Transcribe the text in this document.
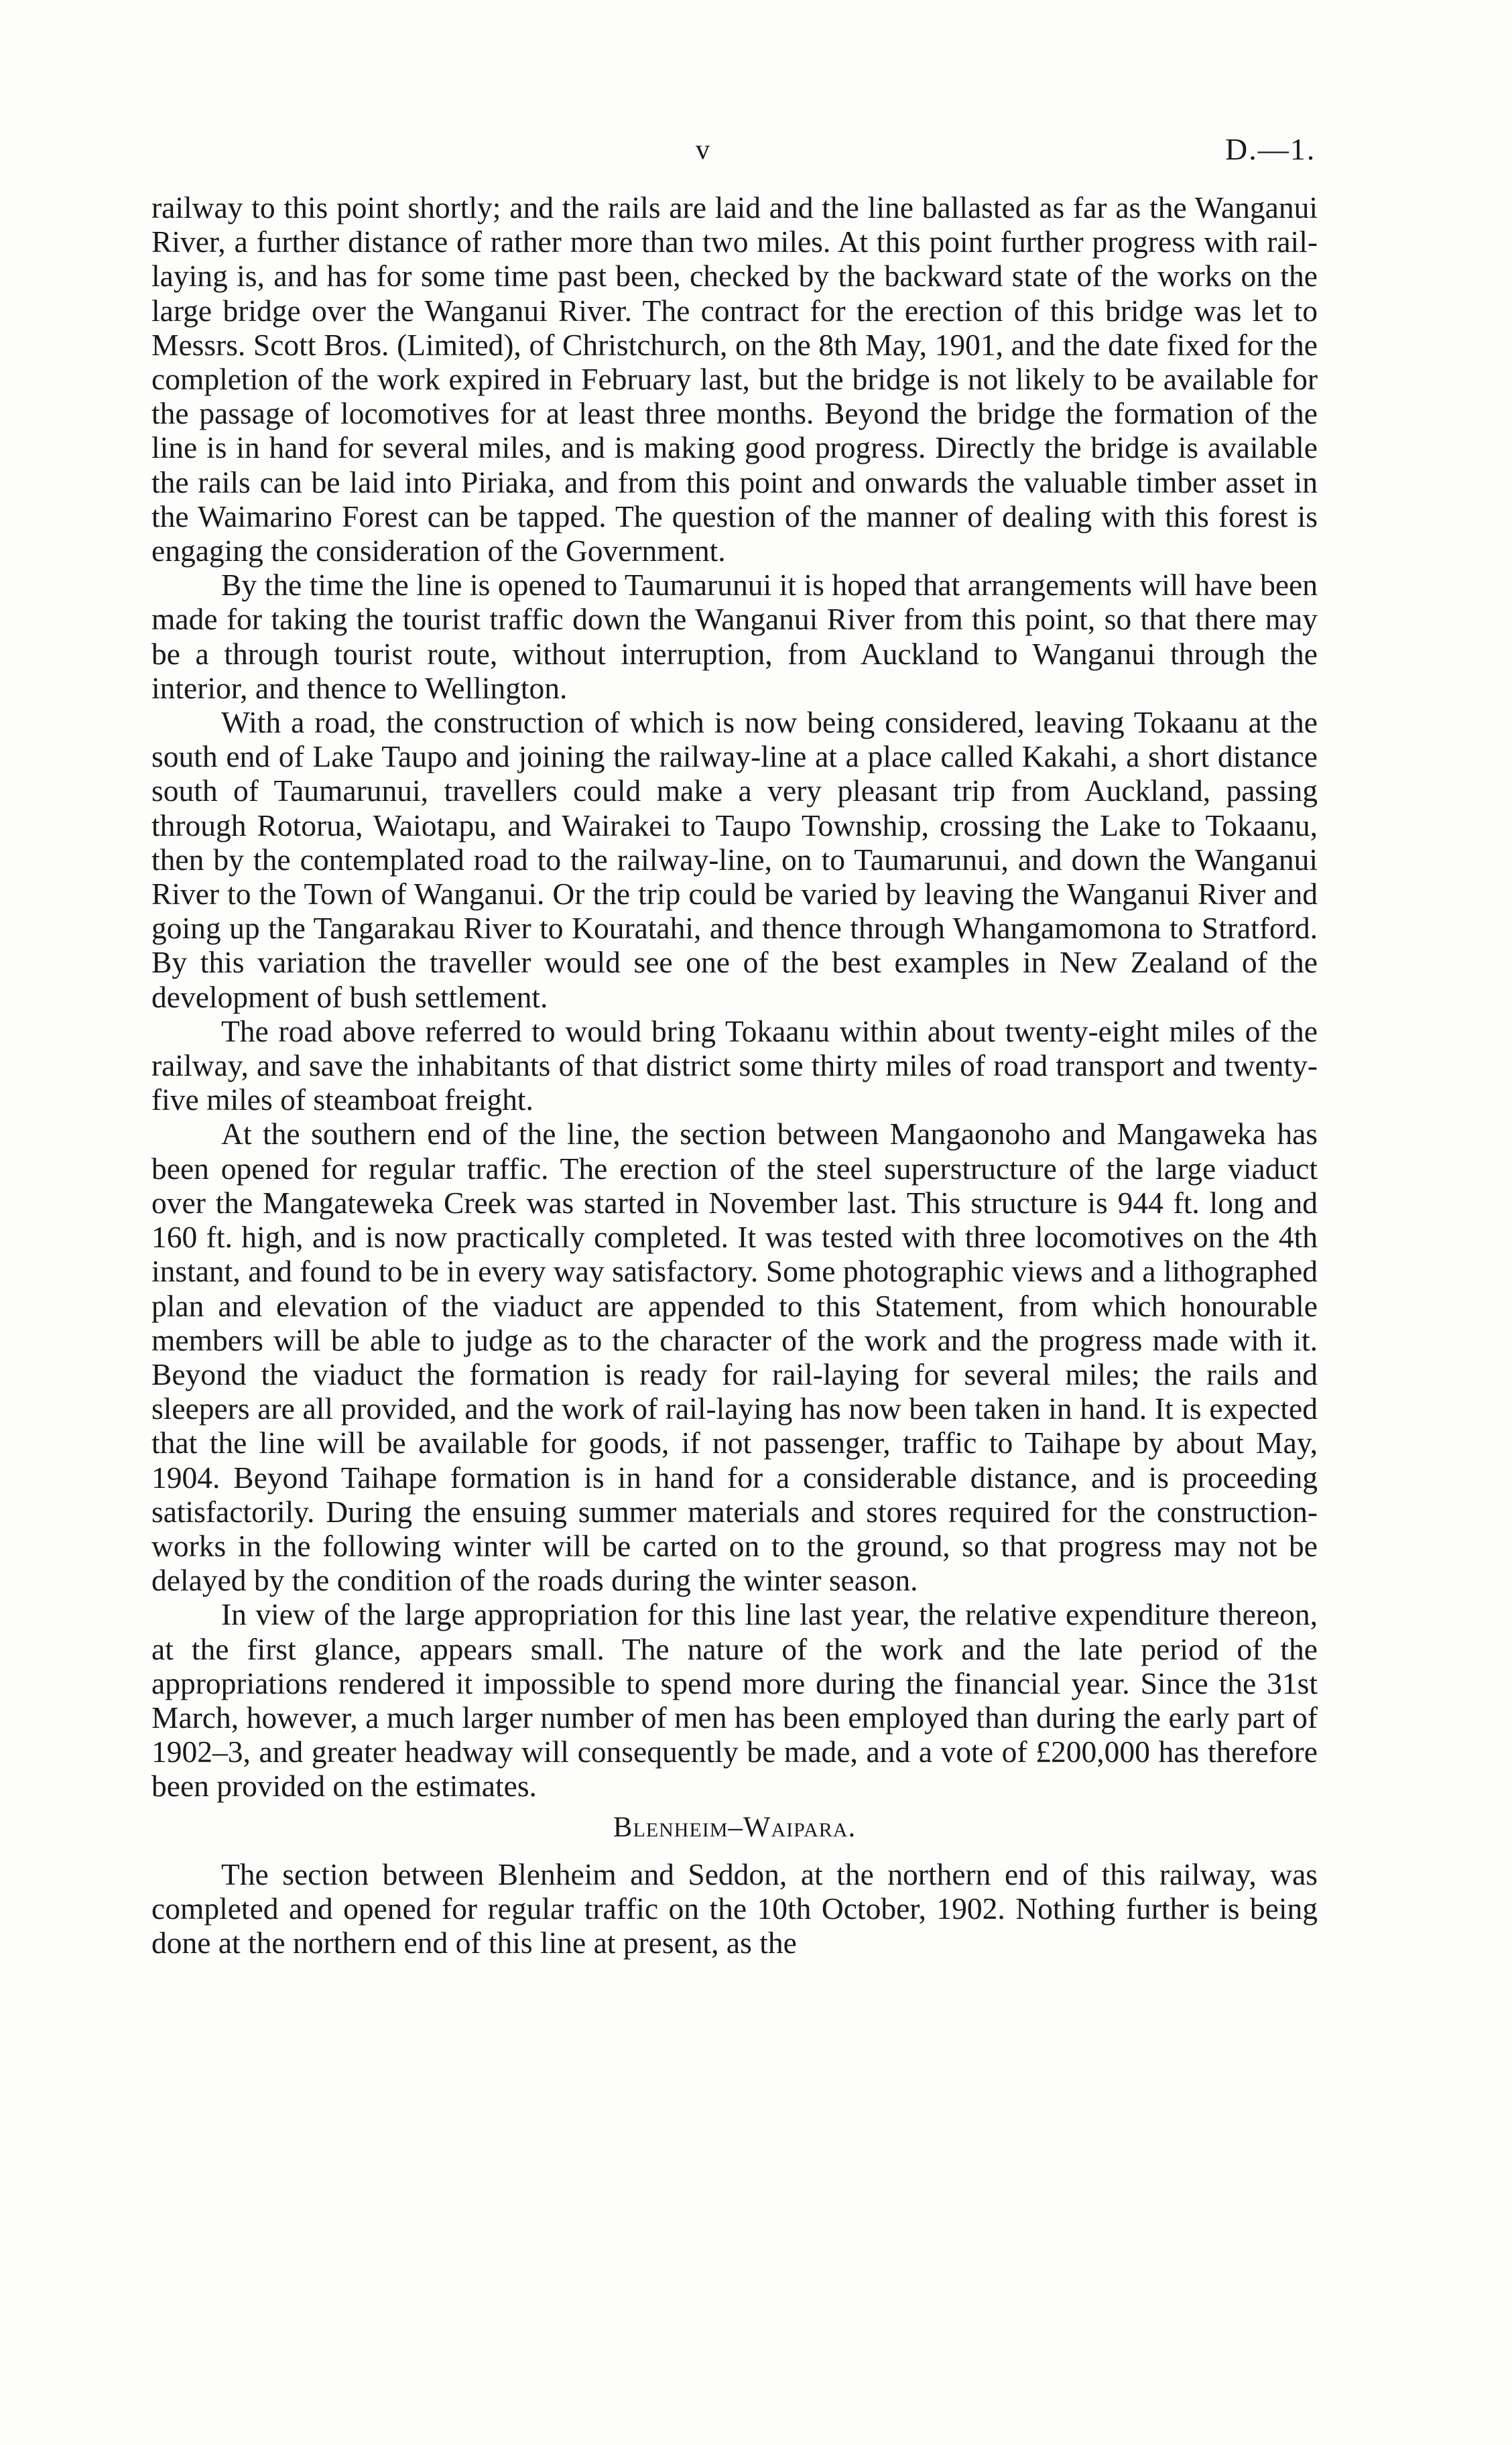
v	D.—1.

railway to this point shortly; and the rails are laid and the line ballasted as far as the Wanganui River, a further distance of rather more than two miles. At this point further progress with rail-laying is, and has for some time past been, checked by the backward state of the works on the large bridge over the Wanganui River. The contract for the erection of this bridge was let to Messrs. Scott Bros. (Limited), of Christchurch, on the 8th May, 1901, and the date fixed for the completion of the work expired in February last, but the bridge is not likely to be available for the passage of locomotives for at least three months. Beyond the bridge the formation of the line is in hand for several miles, and is making good progress. Directly the bridge is available the rails can be laid into Piriaka, and from this point and onwards the valuable timber asset in the Waimarino Forest can be tapped. The question of the manner of dealing with this forest is engaging the consideration of the Government.

By the time the line is opened to Taumarunui it is hoped that arrangements will have been made for taking the tourist traffic down the Wanganui River from this point, so that there may be a through tourist route, without interruption, from Auckland to Wanganui through the interior, and thence to Wellington.

With a road, the construction of which is now being considered, leaving Tokaanu at the south end of Lake Taupo and joining the railway-line at a place called Kakahi, a short distance south of Taumarunui, travellers could make a very pleasant trip from Auckland, passing through Rotorua, Waiotapu, and Wairakei to Taupo Township, crossing the Lake to Tokaanu, then by the contemplated road to the railway-line, on to Taumarunui, and down the Wanganui River to the Town of Wanganui. Or the trip could be varied by leaving the Wanganui River and going up the Tangarakau River to Kouratahi, and thence through Whangamomona to Stratford. By this variation the traveller would see one of the best examples in New Zealand of the development of bush settlement.

The road above referred to would bring Tokaanu within about twenty-eight miles of the railway, and save the inhabitants of that district some thirty miles of road transport and twenty-five miles of steamboat freight.

At the southern end of the line, the section between Mangaonoho and Mangaweka has been opened for regular traffic. The erection of the steel superstructure of the large viaduct over the Mangateweka Creek was started in November last. This structure is 944 ft. long and 160 ft. high, and is now practically completed. It was tested with three locomotives on the 4th instant, and found to be in every way satisfactory. Some photographic views and a lithographed plan and elevation of the viaduct are appended to this Statement, from which honourable members will be able to judge as to the character of the work and the progress made with it. Beyond the viaduct the formation is ready for rail-laying for several miles; the rails and sleepers are all provided, and the work of rail-laying has now been taken in hand. It is expected that the line will be available for goods, if not passenger, traffic to Taihape by about May, 1904. Beyond Taihape formation is in hand for a considerable distance, and is proceeding satisfactorily. During the ensuing summer materials and stores required for the construction-works in the following winter will be carted on to the ground, so that progress may not be delayed by the condition of the roads during the winter season.

In view of the large appropriation for this line last year, the relative expenditure thereon, at the first glance, appears small. The nature of the work and the late period of the appropriations rendered it impossible to spend more during the financial year. Since the 31st March, however, a much larger number of men has been employed than during the early part of 1902–3, and greater headway will consequently be made, and a vote of £200,000 has therefore been provided on the estimates.

Blenheim–Waipara.

The section between Blenheim and Seddon, at the northern end of this railway, was completed and opened for regular traffic on the 10th October, 1902. Nothing further is being done at the northern end of this line at present, as the
